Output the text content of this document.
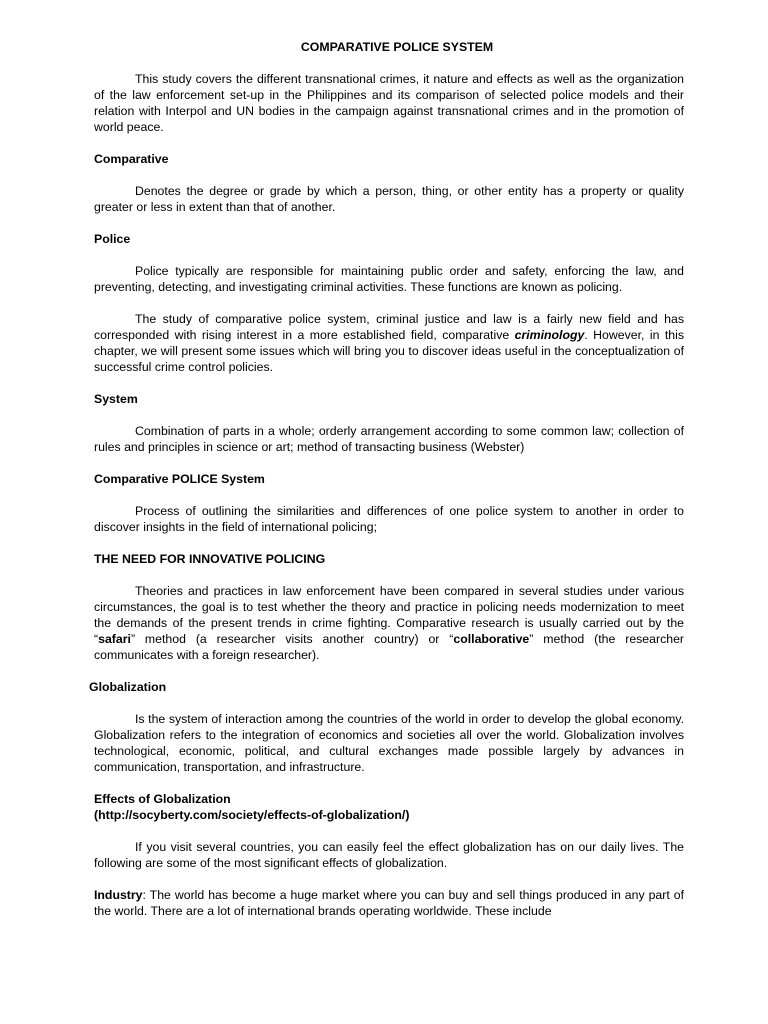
COMPARATIVE POLICE SYSTEM

This study covers the different transnational crimes, it nature and effects as well as the organization of the law enforcement set-up in the Philippines and its comparison of selected police models and their relation with Interpol and UN bodies in the campaign against transnational crimes and in the promotion of world peace.

Comparative

Denotes the degree or grade by which a person, thing, or other entity has a property or quality greater or less in extent than that of another.

Police

Police typically are responsible for maintaining public order and safety, enforcing the law, and preventing, detecting, and investigating criminal activities. These functions are known as policing.

The study of comparative police system, criminal justice and law is a fairly new field and has corresponded with rising interest in a more established field, comparative criminology. However, in this chapter, we will present some issues which will bring you to discover ideas useful in the conceptualization of successful crime control policies.

System

Combination of parts in a whole; orderly arrangement according to some common law; collection of rules and principles in science or art; method of transacting business (Webster)

Comparative POLICE System

Process of outlining the similarities and differences of one police system to another in order to discover insights in the field of international policing;

THE NEED FOR INNOVATIVE POLICING

Theories and practices in law enforcement have been compared in several studies under various circumstances, the goal is to test whether the theory and practice in policing needs modernization to meet the demands of the present trends in crime fighting. Comparative research is usually carried out by the “safari” method (a researcher visits another country) or “collaborative” method (the researcher communicates with a foreign researcher).

Globalization

Is the system of interaction among the countries of the world in order to develop the global economy. Globalization refers to the integration of economics and societies all over the world. Globalization involves technological, economic, political, and cultural exchanges made possible largely by advances in communication, transportation, and infrastructure.

Effects of Globalization
(http://socyberty.com/society/effects-of-globalization/)

If you visit several countries, you can easily feel the effect globalization has on our daily lives. The following are some of the most significant effects of globalization.

Industry: The world has become a huge market where you can buy and sell things produced in any part of the world. There are a lot of international brands operating worldwide. These include
